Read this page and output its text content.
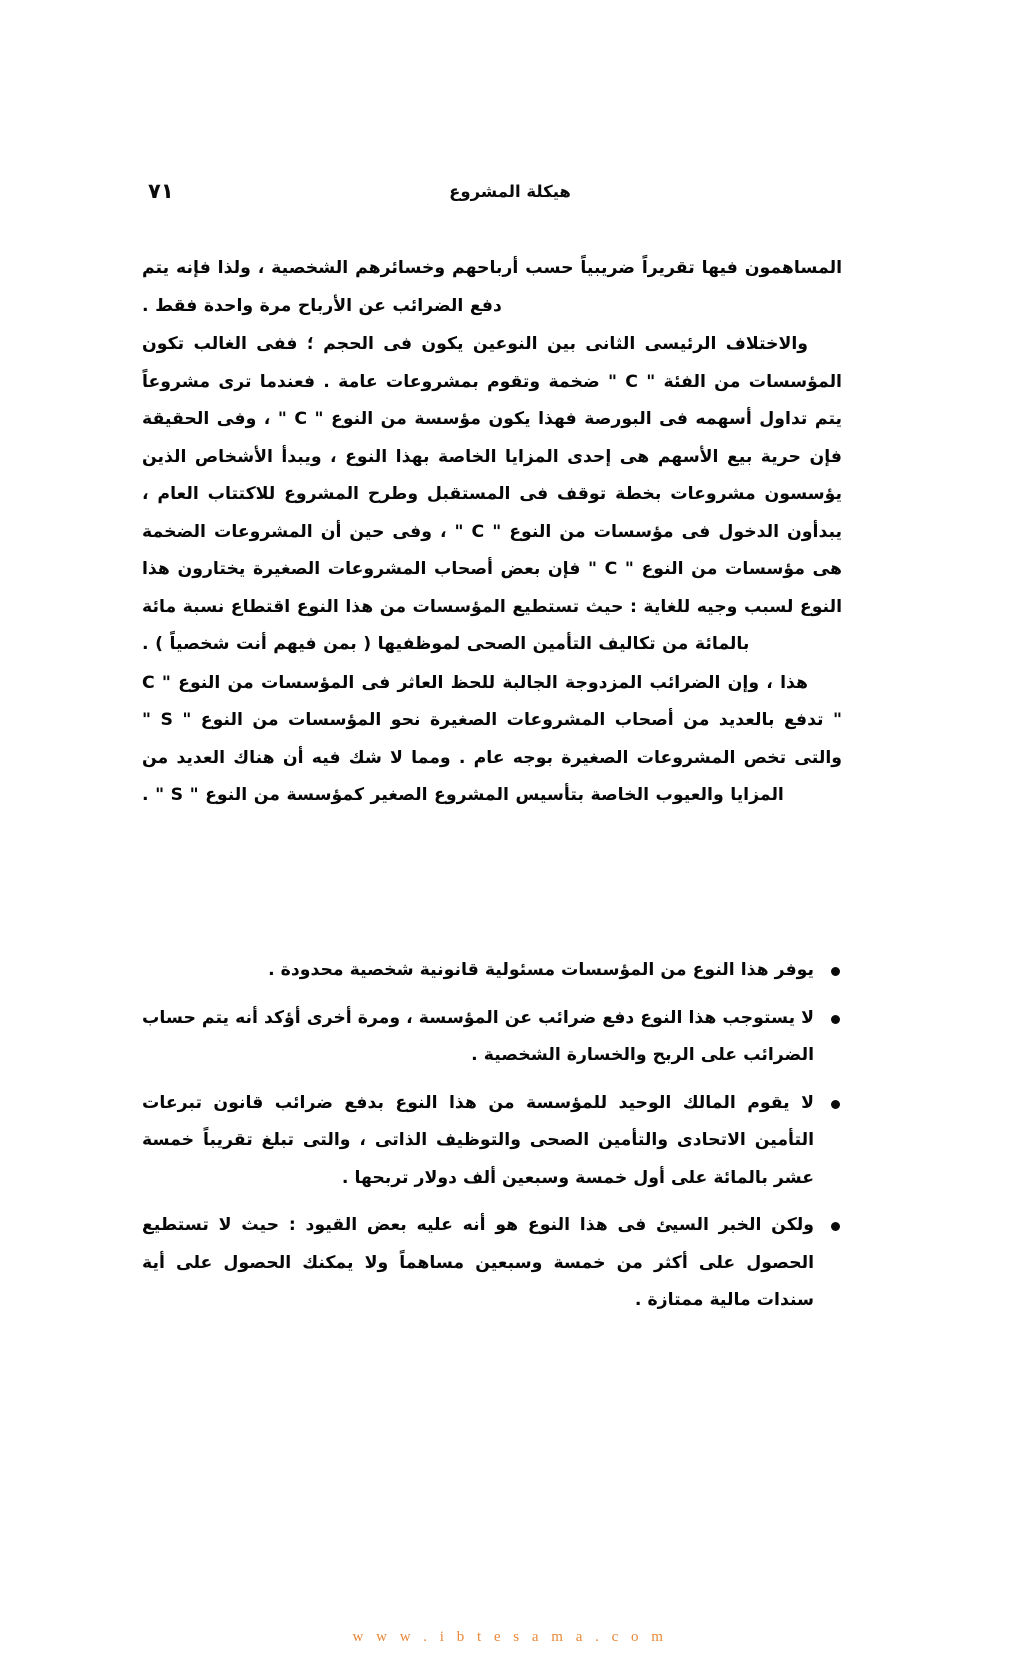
هيكلة المشروع
٧١

المساهمون فيها تقريراً ضريبياً حسب أرباحهم وخسائرهم الشخصية ، ولذا فإنه يتم دفع الضرائب عن الأرباح مرة واحدة فقط .

والاختلاف الرئيسى الثانى بين النوعين يكون فى الحجم ؛ ففى الغالب تكون المؤسسات من الفئة " C " ضخمة وتقوم بمشروعات عامة . فعندما ترى مشروعاً يتم تداول أسهمه فى البورصة فهذا يكون مؤسسة من النوع " C " ، وفى الحقيقة فإن حرية بيع الأسهم هى إحدى المزايا الخاصة بهذا النوع ، ويبدأ الأشخاص الذين يؤسسون مشروعات بخطة توقف فى المستقبل وطرح المشروع للاكتتاب العام ، يبدأون الدخول فى مؤسسات من النوع " C " ، وفى حين أن المشروعات الضخمة هى مؤسسات من النوع " C " فإن بعض أصحاب المشروعات الصغيرة يختارون هذا النوع لسبب وجيه للغاية : حيث تستطيع المؤسسات من هذا النوع اقتطاع نسبة مائة بالمائة من تكاليف التأمين الصحى لموظفيها ( بمن فيهم أنت شخصياً ) .

هذا ، وإن الضرائب المزدوجة الجالبة للحظ العاثر فى المؤسسات من النوع " C " تدفع بالعديد من أصحاب المشروعات الصغيرة نحو المؤسسات من النوع " S " والتى تخص المشروعات الصغيرة بوجه عام . ومما لا شك فيه أن هناك العديد من المزايا والعيوب الخاصة بتأسيس المشروع الصغير كمؤسسة من النوع " S " .

يوفر هذا النوع من المؤسسات مسئولية قانونية شخصية محدودة .
لا يستوجب هذا النوع دفع ضرائب عن المؤسسة ، ومرة أخرى أؤكد أنه يتم حساب الضرائب على الربح والخسارة الشخصية .
لا يقوم المالك الوحيد للمؤسسة من هذا النوع بدفع ضرائب قانون تبرعات التأمين الاتحادى والتأمين الصحى والتوظيف الذاتى ، والتى تبلغ تقريباً خمسة عشر بالمائة على أول خمسة وسبعين ألف دولار تربحها .
ولكن الخبر السيئ فى هذا النوع هو أنه عليه بعض القيود : حيث لا تستطيع الحصول على أكثر من خمسة وسبعين مساهماً ولا يمكنك الحصول على أية سندات مالية ممتازة .
w w w . i b t e s a m a . c o m
